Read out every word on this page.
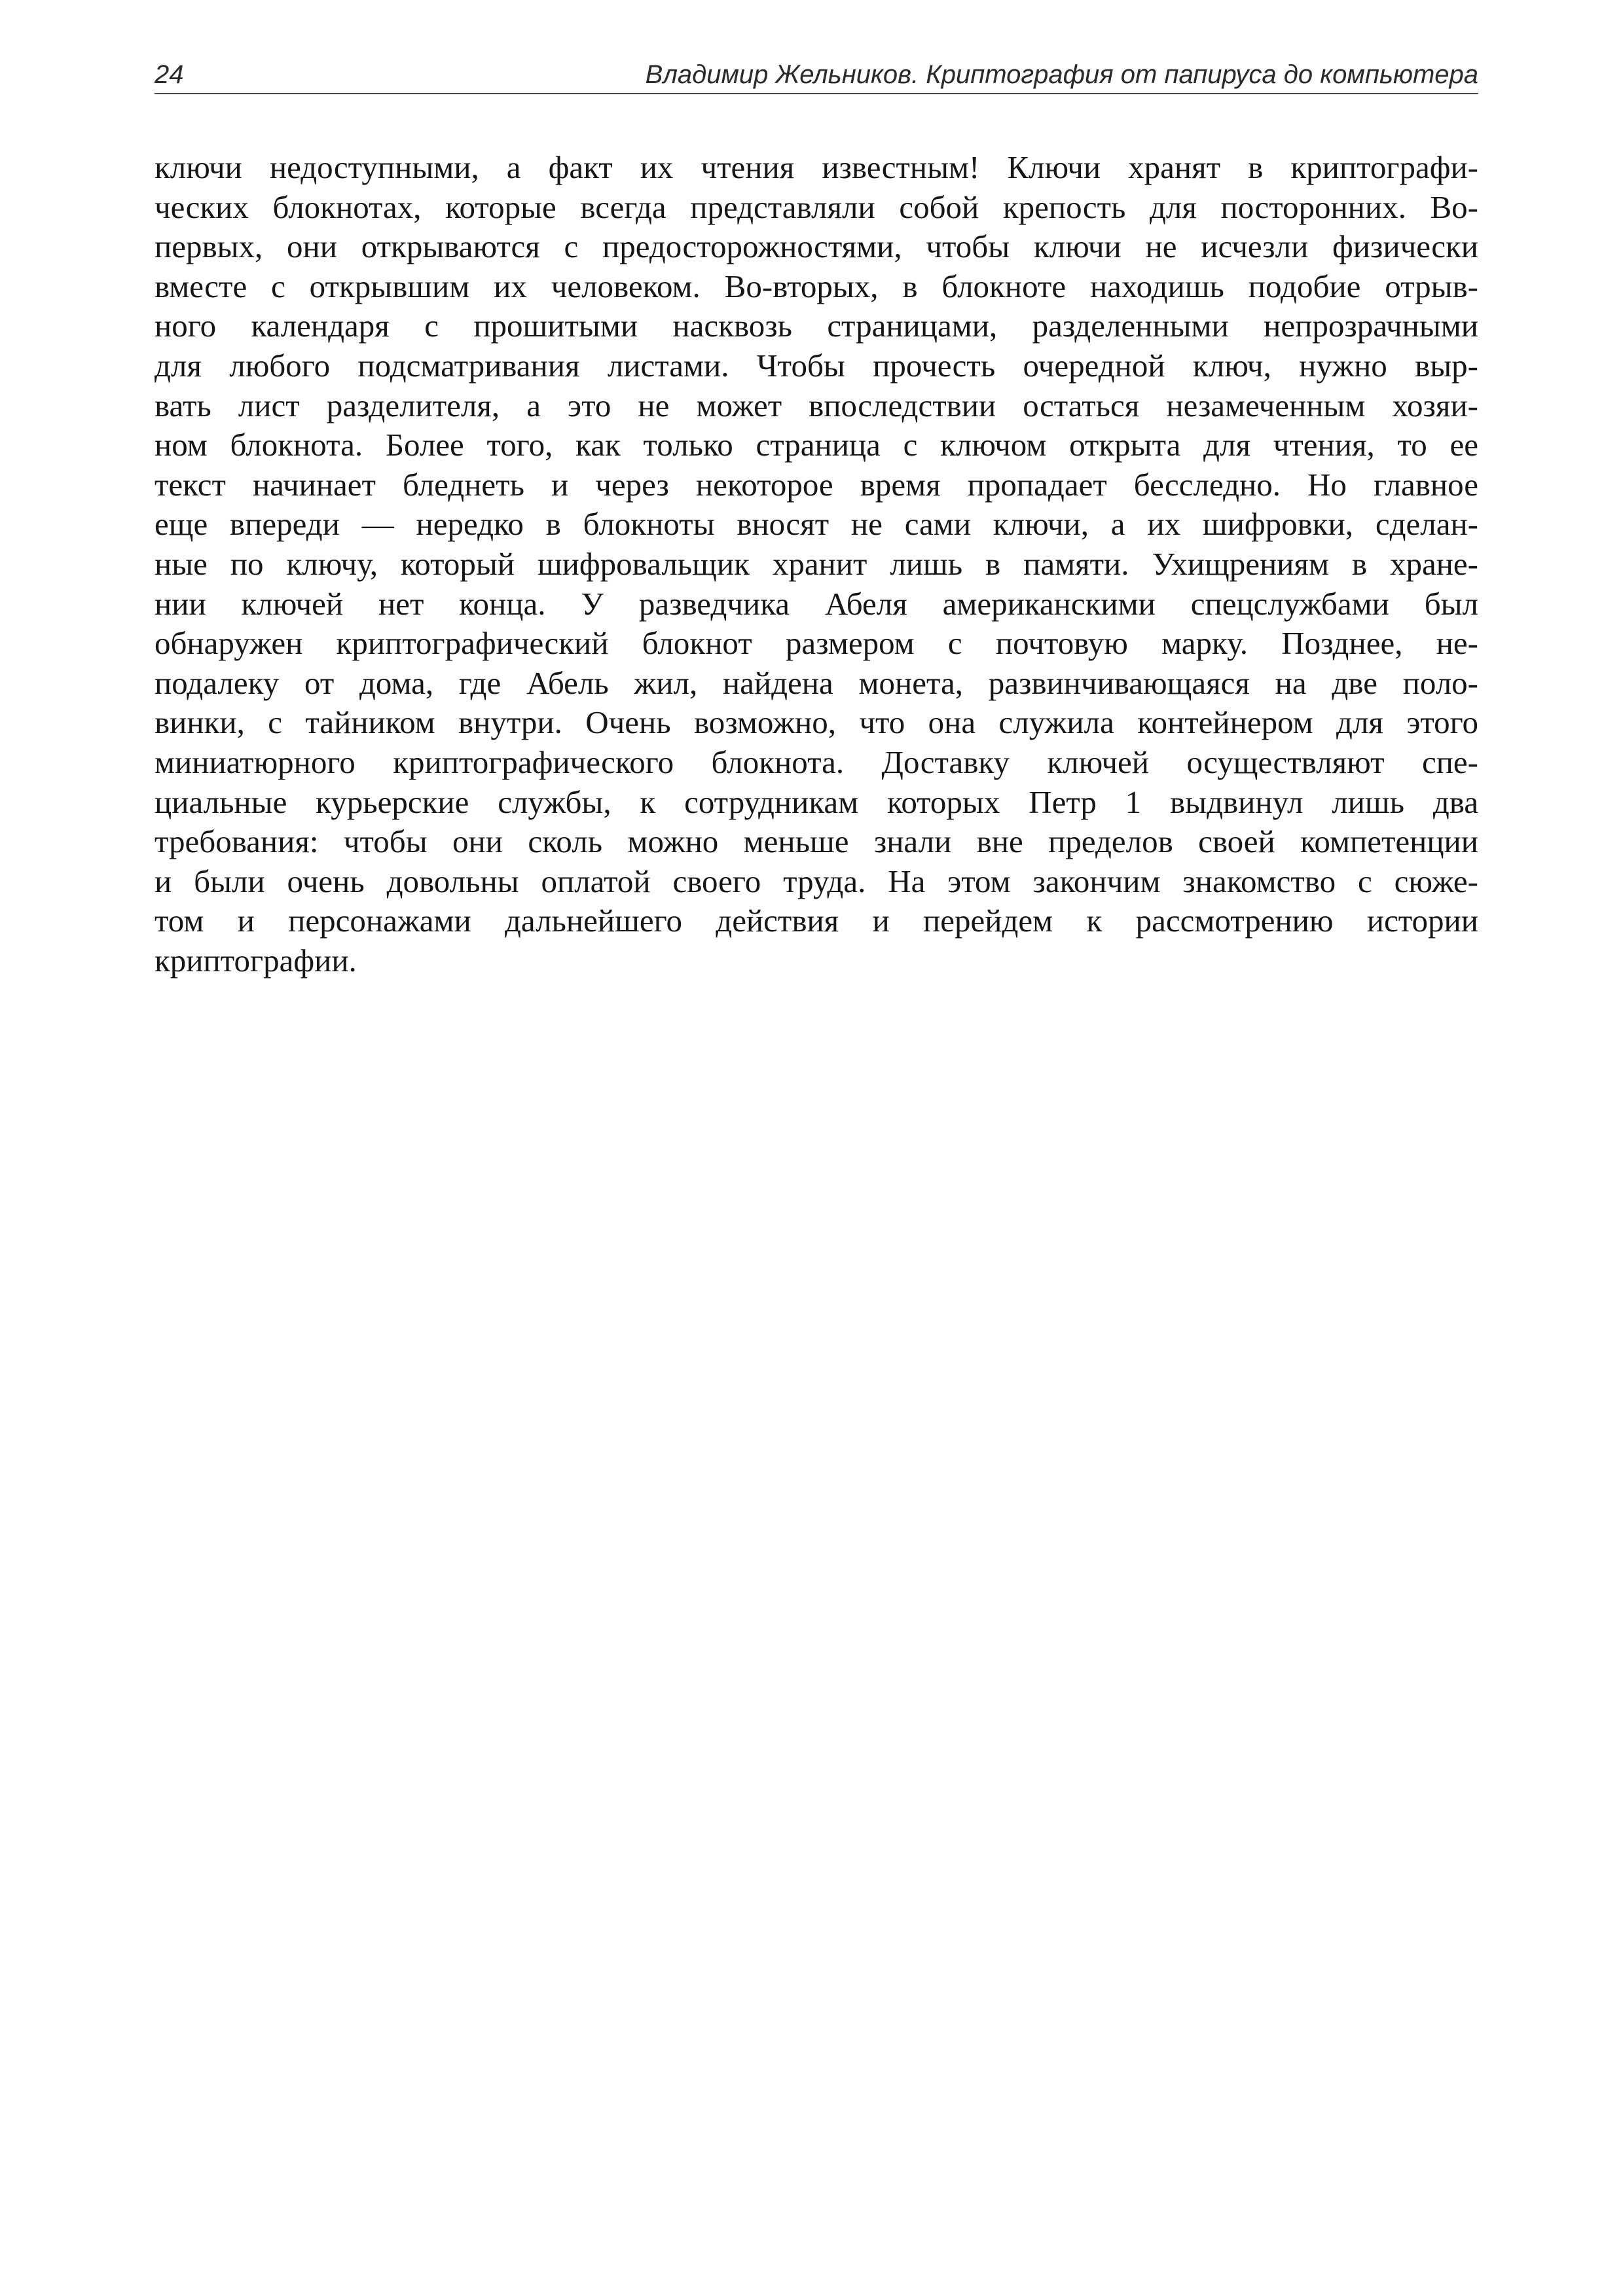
24	Владимир Жельников. Криптография от папируса до компьютера
ключи недоступными, а факт их чтения известным! Ключи хранят в криптографи-
ческих блокнотах, которые всегда представляли собой крепость для посторонних. Во-
первых, они открываются с предосторожностями, чтобы ключи не исчезли физически
вместе с открывшим их человеком. Во-вторых, в блокноте находишь подобие отрыв-
ного календаря с прошитыми насквозь страницами, разделенными непрозрачными
для любого подсматривания листами. Чтобы прочесть очередной ключ, нужно выр-
вать лист разделителя, а это не может впоследствии остаться незамеченным хозяи-
ном блокнота. Более того, как только страница с ключом открыта для чтения, то ее
текст начинает бледнеть и через некоторое время пропадает бесследно. Но главное
еще впереди — нередко в блокноты вносят не сами ключи, а их шифровки, сделан-
ные по ключу, который шифровальщик хранит лишь в памяти. Ухищрениям в хране-
нии ключей нет конца. У разведчика Абеля американскими спецслужбами был
обнаружен криптографический блокнот размером с почтовую марку. Позднее, не-
подалеку от дома, где Абель жил, найдена монета, развинчивающаяся на две поло-
винки, с тайником внутри. Очень возможно, что она служила контейнером для этого
миниатюрного криптографического блокнота. Доставку ключей осуществляют спе-
циальные курьерские службы, к сотрудникам которых Петр 1 выдвинул лишь два
требования: чтобы они сколь можно меньше знали вне пределов своей компетенции
и были очень довольны оплатой своего труда. На этом закончим знакомство с сюже-
том и персонажами дальнейшего действия и перейдем к рассмотрению истории
криптографии.
